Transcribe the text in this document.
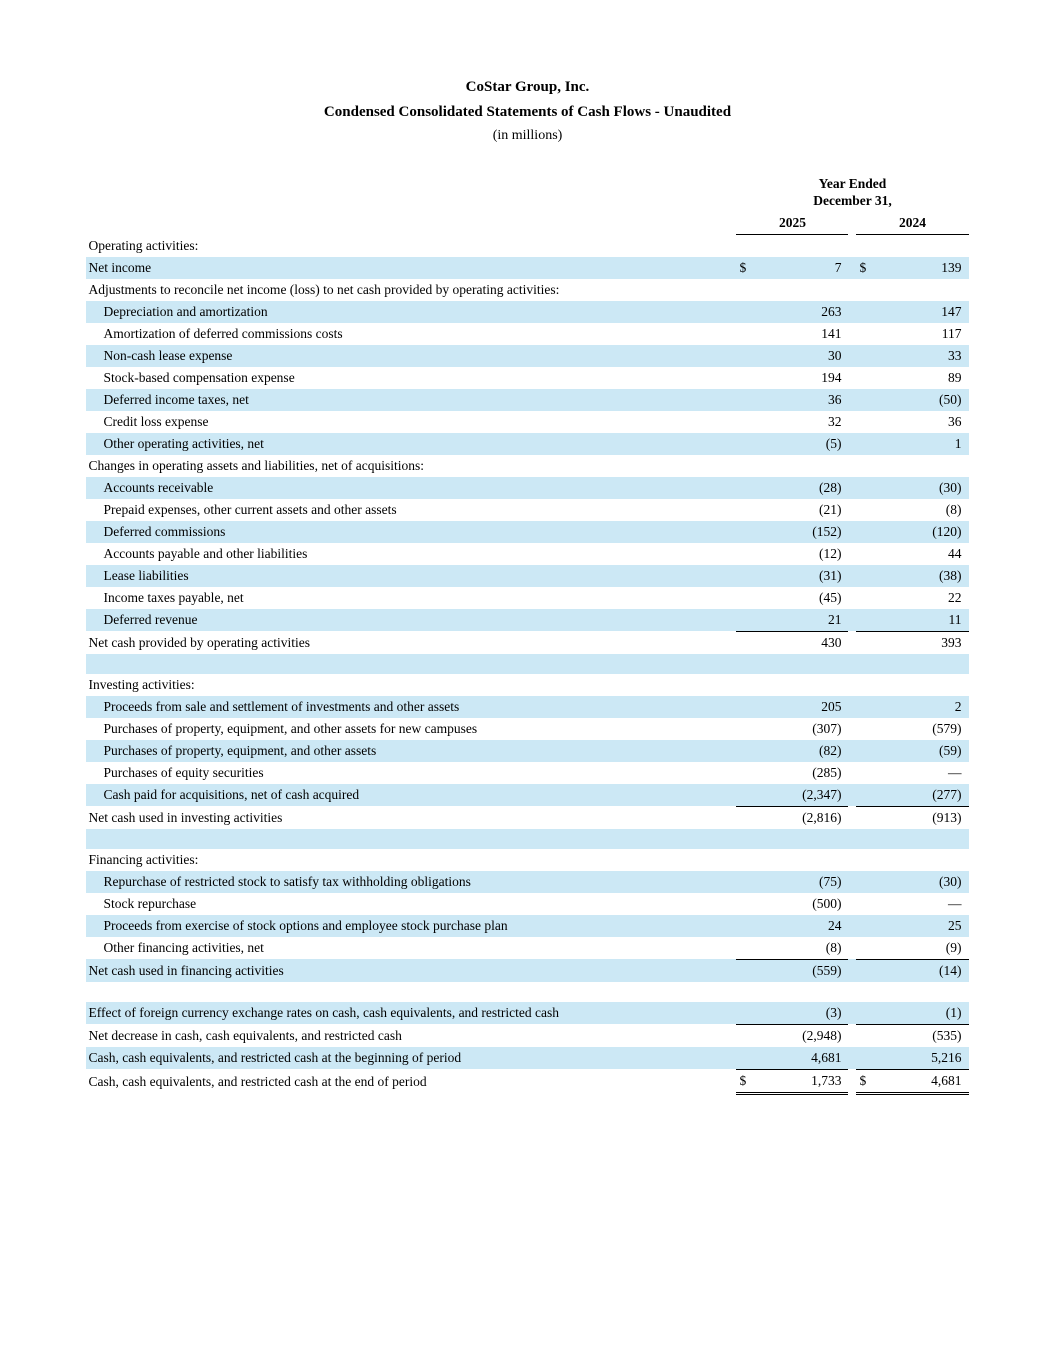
CoStar Group, Inc.
Condensed Consolidated Statements of Cash Flows - Unaudited
(in millions)
	Year Ended
December 31,				
	2025			2024	
Operating activities:					
Net income	$	7		$	139
Adjustments to reconcile net income (loss) to net cash provided by operating activities:					
Depreciation and amortization		263			147
Amortization of deferred commissions costs		141			117
Non-cash lease expense		30			33
Stock-based compensation expense		194			89
Deferred income taxes, net		36			(50)
Credit loss expense		32			36
Other operating activities, net		(5)			1
Changes in operating assets and liabilities, net of acquisitions:					
Accounts receivable		(28)			(30)
Prepaid expenses, other current assets and other assets		(21)			(8)
Deferred commissions		(152)			(120)
Accounts payable and other liabilities		(12)			44
Lease liabilities		(31)			(38)
Income taxes payable, net		(45)			22
Deferred revenue		21			11
Net cash provided by operating activities		430			393

Investing activities:					
Proceeds from sale and settlement of investments and other assets		205			2
Purchases of property, equipment, and other assets for new campuses		(307)			(579)
Purchases of property, equipment, and other assets		(82)			(59)
Purchases of equity securities		(285)			—
Cash paid for acquisitions, net of cash acquired		(2,347)			(277)
Net cash used in investing activities		(2,816)			(913)

Financing activities:					
Repurchase of restricted stock to satisfy tax withholding obligations		(75)			(30)
Stock repurchase		(500)			—
Proceeds from exercise of stock options and employee stock purchase plan		24			25
Other financing activities, net		(8)			(9)
Net cash used in financing activities		(559)			(14)

Effect of foreign currency exchange rates on cash, cash equivalents, and restricted cash		(3)			(1)
Net decrease in cash, cash equivalents, and restricted cash		(2,948)			(535)
Cash, cash equivalents, and restricted cash at the beginning of period		4,681			5,216
Cash, cash equivalents, and restricted cash at the end of period	$	1,733		$	4,681
